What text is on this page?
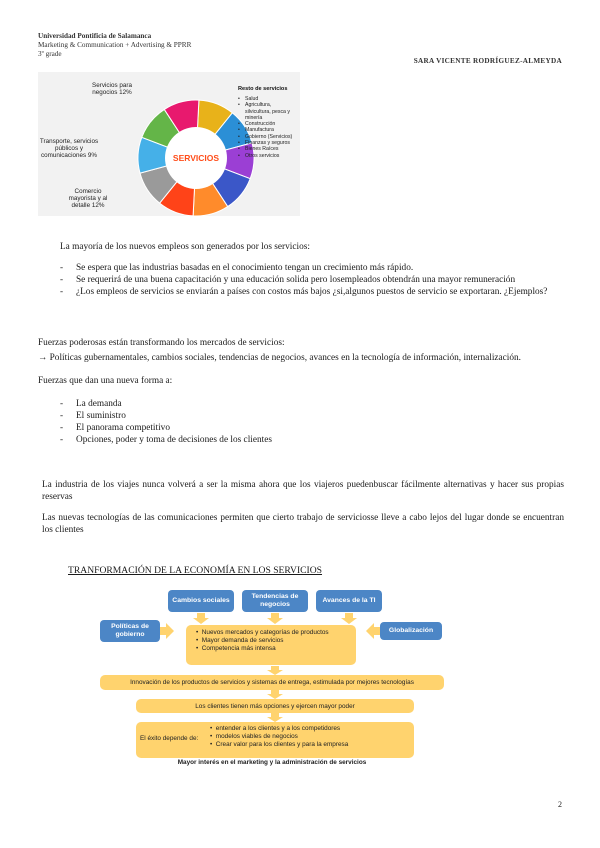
Universidad Pontificia de Salamanca
Marketing & Communication + Advertising & PPRR
3º grade
SARA VICENTE RODRÍGUEZ-ALMEYDA
SERVICIOS
Servicios para negocios 12%
Transporte, servicios públicos y comunicaciones 9%
Comercio mayorista y al detalle 12%
Resto de servicios
• Salud
• Agricultura, silvicultura, pesca y minería
• Construcción
• Manufactura
• Gobierno (Servicios)
• Finanzas y seguros
• Bienes Raíces
• Otros servicios
La mayoría de los nuevos empleos son generados por los servicios:
-	Se espera que las industrias basadas en el conocimiento tengan un crecimiento más rápido.
-	Se requerirá de una buena capacitación y una educación solida pero losempleados obtendrán una mayor remuneración
-	¿Los empleos de servicios se enviarán a países con costos más bajos ¿si,algunos puestos de servicio se exportaran. ¿Ejemplos?
Fuerzas poderosas están transformando los mercados de servicios:
→ Políticas gubernamentales, cambios sociales, tendencias de negocios, avances en la tecnología de información, internalización.
Fuerzas que dan una nueva forma a:
-	La demanda
-	El suministro
-	El panorama competitivo
-	Opciones, poder y toma de decisiones de los clientes
La industria de los viajes nunca volverá a ser la misma ahora que los viajeros puedenbuscar fácilmente alternativas y hacer sus propias reservas
Las nuevas tecnologías de las comunicaciones permiten que cierto trabajo de serviciosse lleve a cabo lejos del lugar donde se encuentran los clientes
TRANFORMACIÓN DE LA ECONOMÍA EN LOS SERVICIOS
Cambios sociales
Tendencias de negocios
Avances de la TI
Políticas de gobierno
Globalización
•  Nuevos mercados y categorías de productos
•  Mayor demanda de servicios
•  Competencia más intensa
Innovación de los productos de servicios y sistemas de entrega, estimulada por mejores tecnologías
Los clientes tienen más opciones y ejercen mayor poder
El éxito depende de:
•  entender a los clientes y a los competidores
•  modelos viables de negocios
•  Crear valor para los clientes y para la empresa
Mayor interés en el marketing y la administración de servicios
2
